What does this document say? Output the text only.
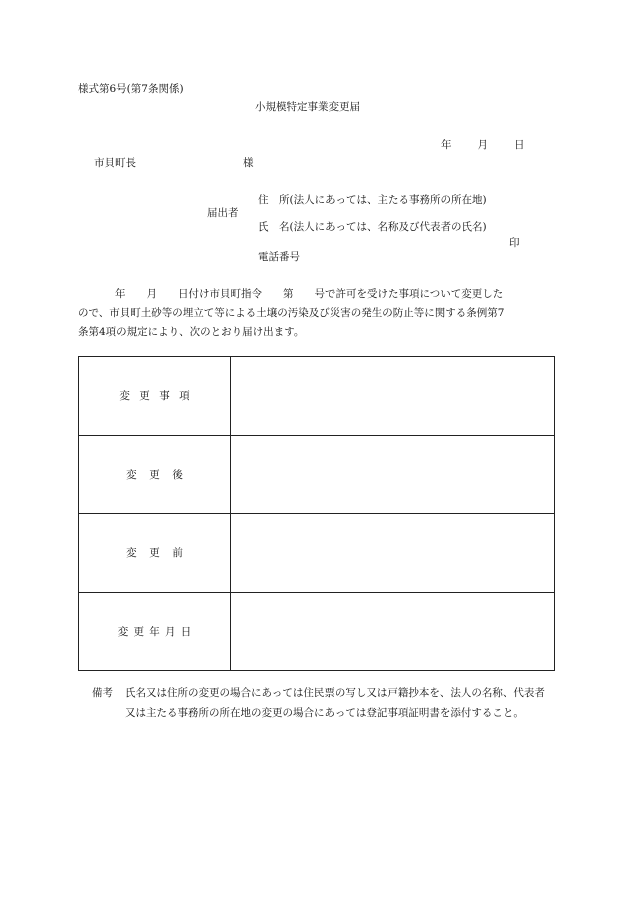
様式第6号(第7条関係)
小規模特定事業変更届
年 月 日
市貝町長	様
届出者
住　所(法人にあっては、主たる事務所の所在地)
氏　名(法人にあっては、名称及び代表者の氏名)
印
電話番号

年　　月　　日付け市貝町指令　　第　　号で許可を受けた事項について変更した

ので、市貝町土砂等の埋立て等による土壌の汚染及び災害の発生の防止等に関する条例第7

条第4項の規定により、次のとおり届け出ます。

変更事項	
変更後	
変更前	
変更年月日	
備考 氏名又は住所の変更の場合にあっては住民票の写し又は戸籍抄本を、法人の名称、代表者又は主たる事務所の所在地の変更の場合にあっては登記事項証明書を添付すること。
